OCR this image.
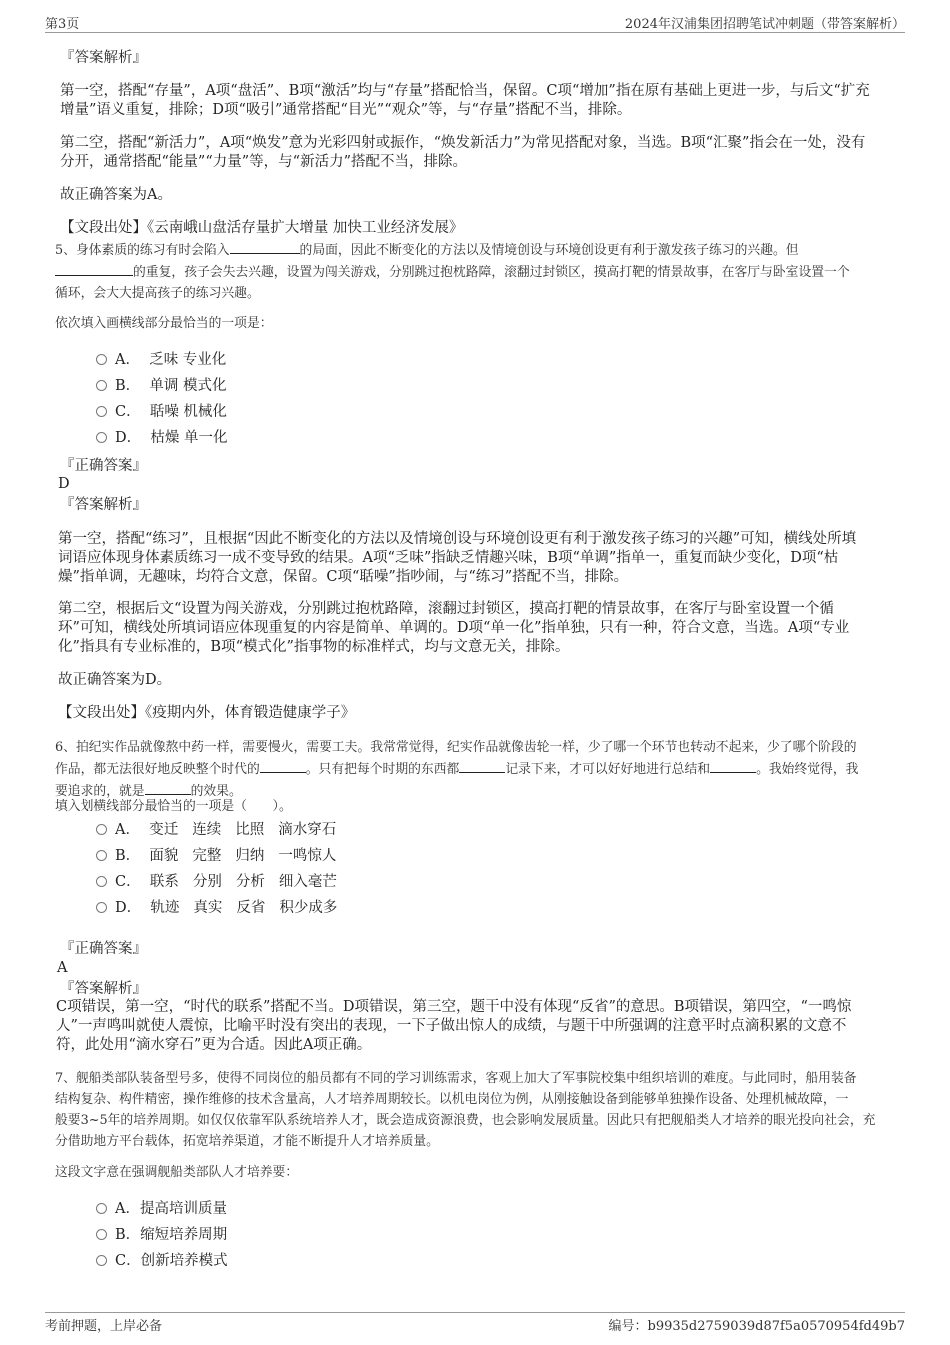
第3页	2024年汉浦集团招聘笔试冲刺题（带答案解析）
『答案解析』
第一空，搭配“存量”，A项“盘活”、B项“激活”均与“存量”搭配恰当，保留。C项“增加”指在原有基础上更进一步，与后文“扩充
增量”语义重复，排除；D项“吸引”通常搭配“目光”“观众”等，与“存量”搭配不当，排除。
第二空，搭配“新活力”，A项“焕发”意为光彩四射或振作，“焕发新活力”为常见搭配对象，当选。B项“汇聚”指会在一处，没有
分开，通常搭配“能量”“力量”等，与“新活力”搭配不当，排除。
故正确答案为A。
【文段出处】《云南峨山盘活存量扩大增量 加快工业经济发展》
5、身体素质的练习有时会陷入	的局面，因此不断变化的方法以及情境创设与环境创设更有利于激发孩子练习的兴趣。但
的重复，孩子会失去兴趣，设置为闯关游戏，分别跳过抱枕路障，滚翻过封锁区，摸高打靶的情景故事，在客厅与卧室设置一个
循环，会大大提高孩子的练习兴趣。
依次填入画横线部分最恰当的一项是：
A． 乏味 专业化
B． 单调 模式化
C． 聒噪 机械化
D． 枯燥 单一化
『正确答案』
D
『答案解析』
第一空，搭配“练习”，且根据“因此不断变化的方法以及情境创设与环境创设更有利于激发孩子练习的兴趣”可知，横线处所填
词语应体现身体素质练习一成不变导致的结果。A项“乏味”指缺乏情趣兴味，B项“单调”指单一，重复而缺少变化，D项“枯
燥”指单调，无趣味，均符合文意，保留。C项“聒噪”指吵闹，与“练习”搭配不当，排除。
第二空，根据后文“设置为闯关游戏，分别跳过抱枕路障，滚翻过封锁区，摸高打靶的情景故事，在客厅与卧室设置一个循
环”可知，横线处所填词语应体现重复的内容是简单、单调的。D项“单一化”指单独，只有一种，符合文意，当选。A项“专业
化”指具有专业标准的，B项“模式化”指事物的标准样式，均与文意无关，排除。
故正确答案为D。
【文段出处】《疫期内外，体育锻造健康学子》
6、拍纪实作品就像熬中药一样，需要慢火，需要工夫。我常常觉得，纪实作品就像齿轮一样，少了哪一个环节也转动不起来，少了哪个阶段的
作品，都无法很好地反映整个时代的	。只有把每个时期的东西都	记录下来，才可以好好地进行总结和	。我始终觉得，我
要追求的，就是	的效果。
填入划横线部分最恰当的一项是（　　）。
A． 变迁 连续 比照 滴水穿石
B． 面貌 完整 归纳 一鸣惊人
C． 联系 分别 分析 细入毫芒
D． 轨迹 真实 反省 积少成多
『正确答案』
A
『答案解析』
C项错误，第一空，“时代的联系”搭配不当。D项错误，第三空，题干中没有体现“反省”的意思。B项错误，第四空，“一鸣惊
人”一声鸣叫就使人震惊，比喻平时没有突出的表现，一下子做出惊人的成绩，与题干中所强调的注意平时点滴积累的文意不
符，此处用“滴水穿石”更为合适。因此A项正确。
7、舰船类部队装备型号多，使得不同岗位的船员都有不同的学习训练需求，客观上加大了军事院校集中组织培训的难度。与此同时，船用装备
结构复杂、构件精密，操作维修的技术含量高，人才培养周期较长。以机电岗位为例，从刚接触设备到能够单独操作设备、处理机械故障，一
般要3~5年的培养周期。如仅仅依靠军队系统培养人才，既会造成资源浪费，也会影响发展质量。因此只有把舰船类人才培养的眼光投向社会，充
分借助地方平台载体，拓宽培养渠道，才能不断提升人才培养质量。
这段文字意在强调舰船类部队人才培养要：
A．提高培训质量
B．缩短培养周期
C．创新培养模式
考前押题，上岸必备	编号：b9935d2759039d87f5a0570954fd49b7
